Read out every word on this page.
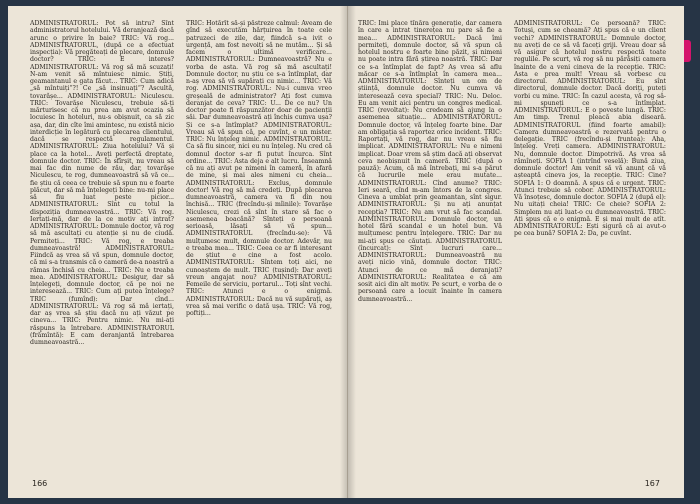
ADMINISTRATORUL: Pot să intru? Sînt administratorul hotelului. Vă deranjează dacă arunc o privire în baie? TRIC: Vă rog... ADMINISTRATORUL, (după ce a efectuat inspecția): Vă pregăteați de plecare, domnule doctor? TRIC: E interes? ADMINISTRATORUL: Vă rog să mă scuzați! N-am venit să mîntuiesc nimic. Știți, geamantanul e gata făcut... TRIC: Cum adică „să mîntuiți“?! Ce „să insinuați“? Ascultă, tovarășe... ADMINISTRATORUL: Niculescu. TRIC: Tovarășe Niculescu, trebuie să-ți mărturisesc că nu prea am avut ocazia să locuiesc în hoteluri, nu-s obișnuit, ca să zic așa, dar, din cîte îmi amintesc, nu există nicio interdicție în legătură cu plecarea clientului, dacă se respectă regulamentul. ADMINISTRATORUL: Ziua hotelului? Vă și place ca la hotel... Aveți perfectă dreptate, domnule doctor. TRIC: În sfîrșit, nu vreau să mai fac din nume de rău, dar, tovarășe Niculescu, te rog, dumneavoastră să vă ce... fie știu că ceea ce trebuie să spun nu e foarte plăcut, dar să mă înțelegeți bine: nu-mi place să fiu luat peste picior... ADMINISTRATORUL: Sînt cu totul la dispoziția dumneavoastră... TRIC: Vă rog. Iertați-mă, dar de la ce motiv ați intrat? ADMINISTRATORUL: Domnule doctor, vă rog să mă ascultați cu atenție și nu de ciudă. Permiteți... TRIC: Vă rog, e treaba dumneavoastră! ADMINISTRATORUL: Fiindcă aș vrea să vă spun, domnule doctor, că mi s-a transmis că o cameră de-a noastră a rămas închisă cu cheia... TRIC: Nu e treaba mea. ADMINISTRATORUL: Desigur, dar să înțelegeți, domnule doctor, că pe noi ne interesează... TRIC: Cum ați putea înțelege? TRIC (fumînd): Dar cînd... ADMINISTRATORUL: Vă rog să mă iertați, dar aș vrea să știu dacă nu ați văzut pe cineva... TRIC: Pentru nimic. Nu mi-ați răspuns la întrebare. ADMINISTRATORUL (frămîntă): E cam deranjantă întrebarea dumneavoastră...

TRIC: Hotărît să-și păstreze calmul: Aveam de gînd să executăm hărțuirea în toate cele patruzeci de zile, dar, fiindcă s-a ivit o urgență, am fost nevoiți să ne mutăm... Și să facem o ultimă verificare... ADMINISTRATORUL: Dumneavoastră? Nu e vorba de asta. Vă rog să mă ascultați! Domnule doctor, nu știu ce s-a întîmplat, dar n-aș vrea să vă supărați cu nimic... TRIC: Vă rog. ADMINISTRATORUL: Nu-i cumva vreo greșeală de administrator? Ați fost cumva deranjat de ceva? TRIC: U... De ce nu? Un doctor poate fi răspunzător doar de pacienții săi. Dar dumneavoastră ați închis cumva ușa? Și ce s-a întîmplat? ADMINISTRATORUL: Vreau să vă spun că, pe cuvînt, e un mister. TRIC: Nu înțeleg nimic. ADMINISTRATORUL: Ca să fiu sincer, nici eu nu înțeleg. Nu cred că domnul doctor s-ar fi putut încurca. Sînt ordine... TRIC: Asta deja e alt lucru. Înseamnă că nu ați avut pe nimeni în cameră, în afară de mine, și mai ales nimeni cu cheia... ADMINISTRATORUL: Exclus, domnule doctor! Vă rog să mă credeți. După plecarea dumneavoastră, camera va fi din nou închisă... TRIC (frecîndu-și mîinile): Tovarășe Niculescu, crezi că sînt în stare să fac o asemenea boacănă? Sînteți o persoană serioasă, lăsați să vă spun... ADMINISTRATORUL (frecîndu-se): Vă mulțumesc mult, domnule doctor. Adevăr, nu e treaba mea... TRIC: Ceea ce ar fi interesant de știut e cine a fost acolo. ADMINISTRATORUL: Sîntem toți aici, ne cunoaștem de mult. TRIC (tușind): Dar aveți vreun angajat nou? ADMINISTRATORUL: Femeile de serviciu, portarul... Toți sînt vechi. TRIC: Atunci e o enigmă. ADMINISTRATORUL: Dacă nu vă supărați, aș vrea să mai verific o dată ușa. TRIC: Vă rog, poftiți...

166

TRIC: Îmi place tînăra generație, dar camera în care a intrat tinerețea nu pare să fie a mea... ADMINISTRATORUL: Dacă îmi permiteți, domnule doctor, să vă spun că hotelul nostru e foarte bine păzit, și nimeni nu poate intra fără știrea noastră. TRIC: Dar ce s-a întîmplat de fapt? Aș vrea să aflu măcar ce s-a întîmplat în camera mea... ADMINISTRATORUL: Sînteți un om de știință, domnule doctor. Nu cumva vă interesează ceva special? TRIC: Nu. Deloc. Eu am venit aici pentru un congres medical. TRIC (revoltat): Nu credeam să ajung la o asemenea situație... ADMINISTRATORUL: Domnule doctor, vă înțeleg foarte bine. Dar am obligația să raportez orice incident. TRIC: Raportați, vă rog, dar nu vreau să fiu implicat. ADMINISTRATORUL: Nu e nimeni implicat. Doar vrem să știm dacă ați observat ceva neobișnuit în cameră. TRIC (după o pauză): Acum, că mă întrebați, mi s-a părut că lucrurile mele erau mutate... ADMINISTRATORUL: Cînd anume? TRIC: Ieri seară, cînd m-am întors de la congres. Cineva a umblat prin geamantan, sînt sigur. ADMINISTRATORUL: Și nu ați anunțat recepția? TRIC: Nu am vrut să fac scandal. ADMINISTRATORUL: Domnule doctor, un hotel fără scandal e un hotel bun. Vă mulțumesc pentru înțelegere. TRIC: Dar nu mi-ați spus ce căutați. ADMINISTRATORUL (încurcat): Sînt lucruri care... ADMINISTRATORUL: Dumneavoastră nu aveți nicio vină, domnule doctor. TRIC: Atunci de ce mă deranjați? ADMINISTRATORUL: Realitatea e că am sosit aici din alt motiv. Pe scurt, e vorba de o persoană care a locuit înainte în camera dumneavoastră...

ADMINISTRATORUL: Ce persoană? TRIC: Totuși, cum se cheamă? Ați spus că e un client vechi? ADMINISTRATORUL: Domnule doctor, nu aveți de ce să vă faceți griji. Vreau doar să vă asigur că hotelul nostru respectă toate regulile. Pe scurt, vă rog să nu părăsiți camera înainte de a veni cineva de la recepție. TRIC: Asta e prea mult! Vreau să vorbesc cu directorul. ADMINISTRATORUL: Eu sînt directorul, domnule doctor. Dacă doriți, puteți vorbi cu mine. TRIC: În cazul acesta, vă rog să-mi spuneți ce s-a întîmplat. ADMINISTRATORUL: E o poveste lungă. TRIC: Am timp. Trenul pleacă abia diseară. ADMINISTRATORUL (fiind foarte amabil): Camera dumneavoastră e rezervată pentru o delegație. TRIC (frecîndu-și fruntea): Aha, înțeleg. Vreți camera. ADMINISTRATORUL: Nu, domnule doctor. Dimpotrivă. Aș vrea să rămîneți. SOFIA 1 (intrînd veselă): Bună ziua, domnule doctor! Am venit să vă anunț că vă așteaptă cineva jos, la recepție. TRIC: Cine? SOFIA 1: O doamnă. A spus că e urgent. TRIC: Atunci trebuie să cobor. ADMINISTRATORUL: Vă însoțesc, domnule doctor. SOFIA 2 (după el): Nu uitați cheia! TRIC: Ce cheie? SOFIA 2: Simplem nu ați luat-o cu dumneavoastră. TRIC: Ați spus că e o enigmă. E și mai mult de atît. ADMINISTRATORUL: Ești sigură că ai avut-o pe cea bună? SOFIA 2: Da, pe cuvînt.

167
